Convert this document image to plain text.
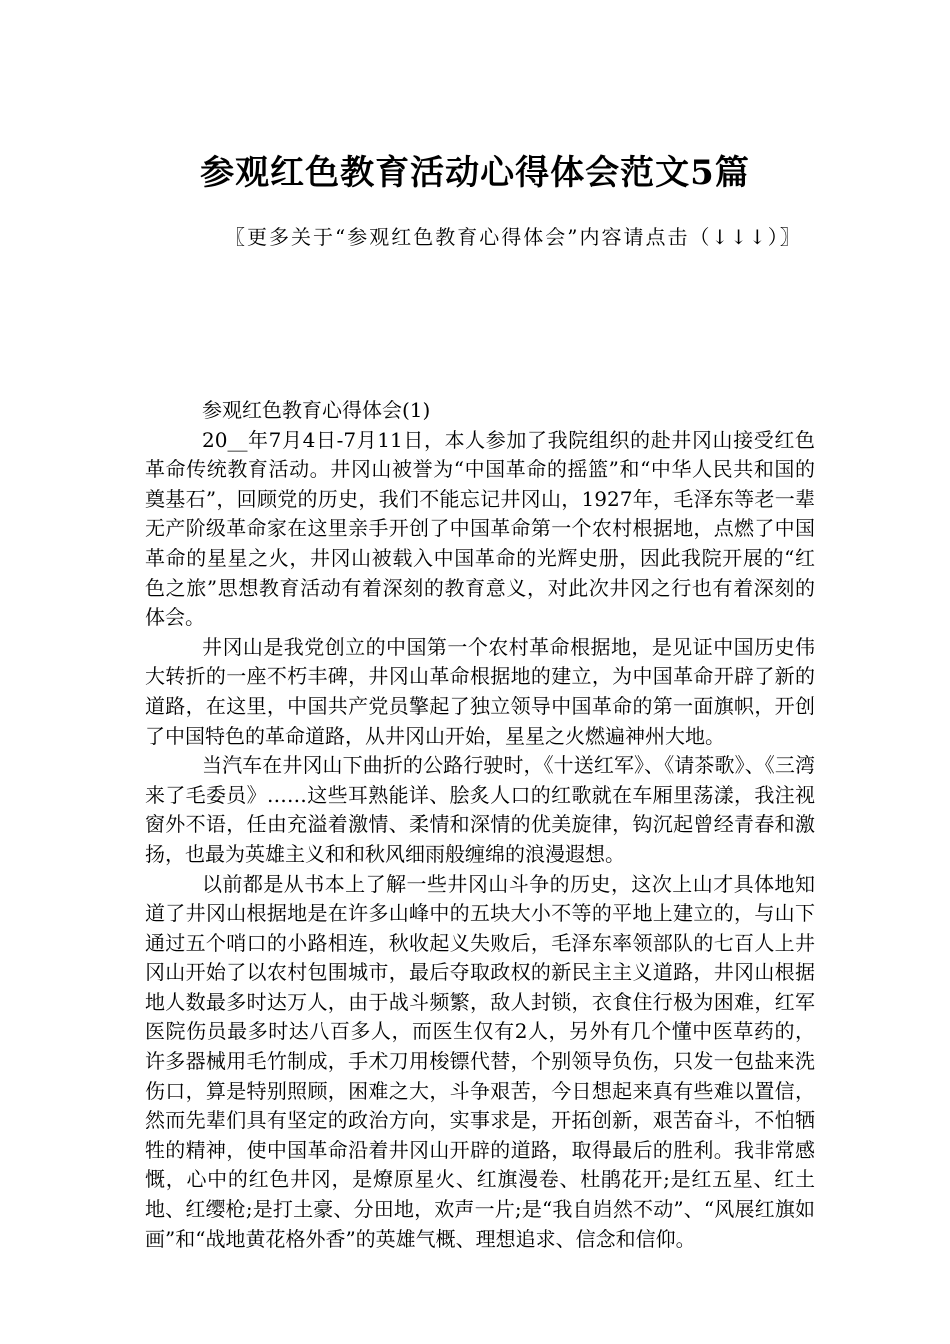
参观红色教育活动心得体会范文5篇
〖更多关于“参观红色教育心得体会”内容请点击（↓↓↓）〗

参观红色教育心得体会(1)

20__年7月4日-7月11日，本人参加了我院组织的赴井冈山接受红色革命传统教育活动。井冈山被誉为“中国革命的摇篮”和“中华人民共和国的奠基石”，回顾党的历史，我们不能忘记井冈山，1927年，毛泽东等老一辈无产阶级革命家在这里亲手开创了中国革命第一个农村根据地，点燃了中国革命的星星之火，井冈山被载入中国革命的光辉史册，因此我院开展的“红色之旅”思想教育活动有着深刻的教育意义，对此次井冈之行也有着深刻的体会。

井冈山是我党创立的中国第一个农村革命根据地，是见证中国历史伟大转折的一座不朽丰碑，井冈山革命根据地的建立，为中国革命开辟了新的道路，在这里，中国共产党员擎起了独立领导中国革命的第一面旗帜，开创了中国特色的革命道路，从井冈山开始，星星之火燃遍神州大地。

当汽车在井冈山下曲折的公路行驶时，《十送红军》、《请茶歌》、《三湾来了毛委员》……这些耳熟能详、脍炙人口的红歌就在车厢里荡漾，我注视窗外不语，任由充溢着激情、柔情和深情的优美旋律，钩沉起曾经青春和激扬，也最为英雄主义和和秋风细雨般缠绵的浪漫遐想。

以前都是从书本上了解一些井冈山斗争的历史，这次上山才具体地知道了井冈山根据地是在许多山峰中的五块大小不等的平地上建立的，与山下通过五个哨口的小路相连，秋收起义失败后，毛泽东率领部队的七百人上井冈山开始了以农村包围城市，最后夺取政权的新民主主义道路，井冈山根据地人数最多时达万人，由于战斗频繁，敌人封锁，衣食住行极为困难，红军医院伤员最多时达八百多人，而医生仅有2人，另外有几个懂中医草药的，许多器械用毛竹制成，手术刀用梭镖代替，个别领导负伤，只发一包盐来洗伤口，算是特别照顾，困难之大，斗争艰苦，今日想起来真有些难以置信，然而先辈们具有坚定的政治方向，实事求是，开拓创新，艰苦奋斗，不怕牺牲的精神，使中国革命沿着井冈山开辟的道路，取得最后的胜利。我非常感慨，心中的红色井冈，是燎原星火、红旗漫卷、杜鹃花开;是红五星、红土地、红缨枪;是打土豪、分田地，欢声一片;是“我自岿然不动”、“风展红旗如画”和“战地黄花格外香”的英雄气概、理想追求、信念和信仰。
